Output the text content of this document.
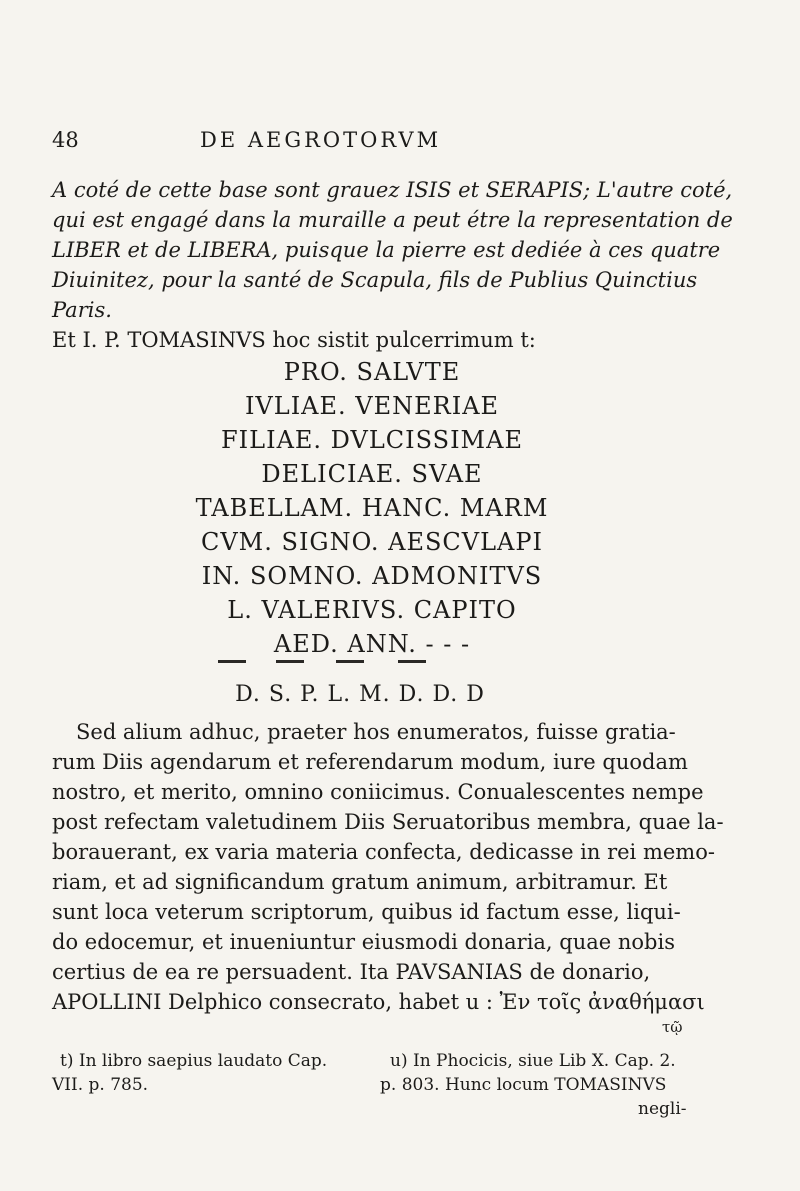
48	DE AEGROTORVM
A coté de cette base sont grauez ISIS et SERAPIS; L'autre coté,
qui est engagé dans la muraille a peut étre la representation de
LIBER et de LIBERA, puisque la pierre est dediée à ces quatre
Diuinitez, pour la santé de Scapula, fils de Publius Quinctius
Paris.
Et I. P. TOMASINVS hoc sistit pulcerrimum t:
PRO. SALVTE
IVLIAE. VENERIAE
FILIAE. DVLCISSIMAE
DELICIAE. SVAE
TABELLAM. HANC. MARM
CVM. SIGNO. AESCVLAPI
IN. SOMNO. ADMONITVS
L. VALERIVS. CAPITO
AED. ANN. - - -
D. S. P. L. M. D. D. D
Sed alium adhuc, praeter hos enumeratos, fuisse gratia-
rum Diis agendarum et referendarum modum, iure quodam
nostro, et merito, omnino coniicimus. Conualescentes nempe
post refectam valetudinem Diis Seruatoribus membra, quae la-
borauerant, ex varia materia confecta, dedicasse in rei memo-
riam, et ad significandum gratum animum, arbitramur. Et
sunt loca veterum scriptorum, quibus id factum esse, liqui-
do edocemur, et inueniuntur eiusmodi donaria, quae nobis
certius de ea re persuadent. Ita PAVSANIAS de donario,
APOLLINI Delphico consecrato, habet u : Ἐν τοῖς ἀναθήμασι
τῷ
t) In libro saepius laudato Cap.
VII. p. 785.
u) In Phocicis, siue Lib X. Cap. 2.
p. 803. Hunc locum TOMASINVS
negli-
